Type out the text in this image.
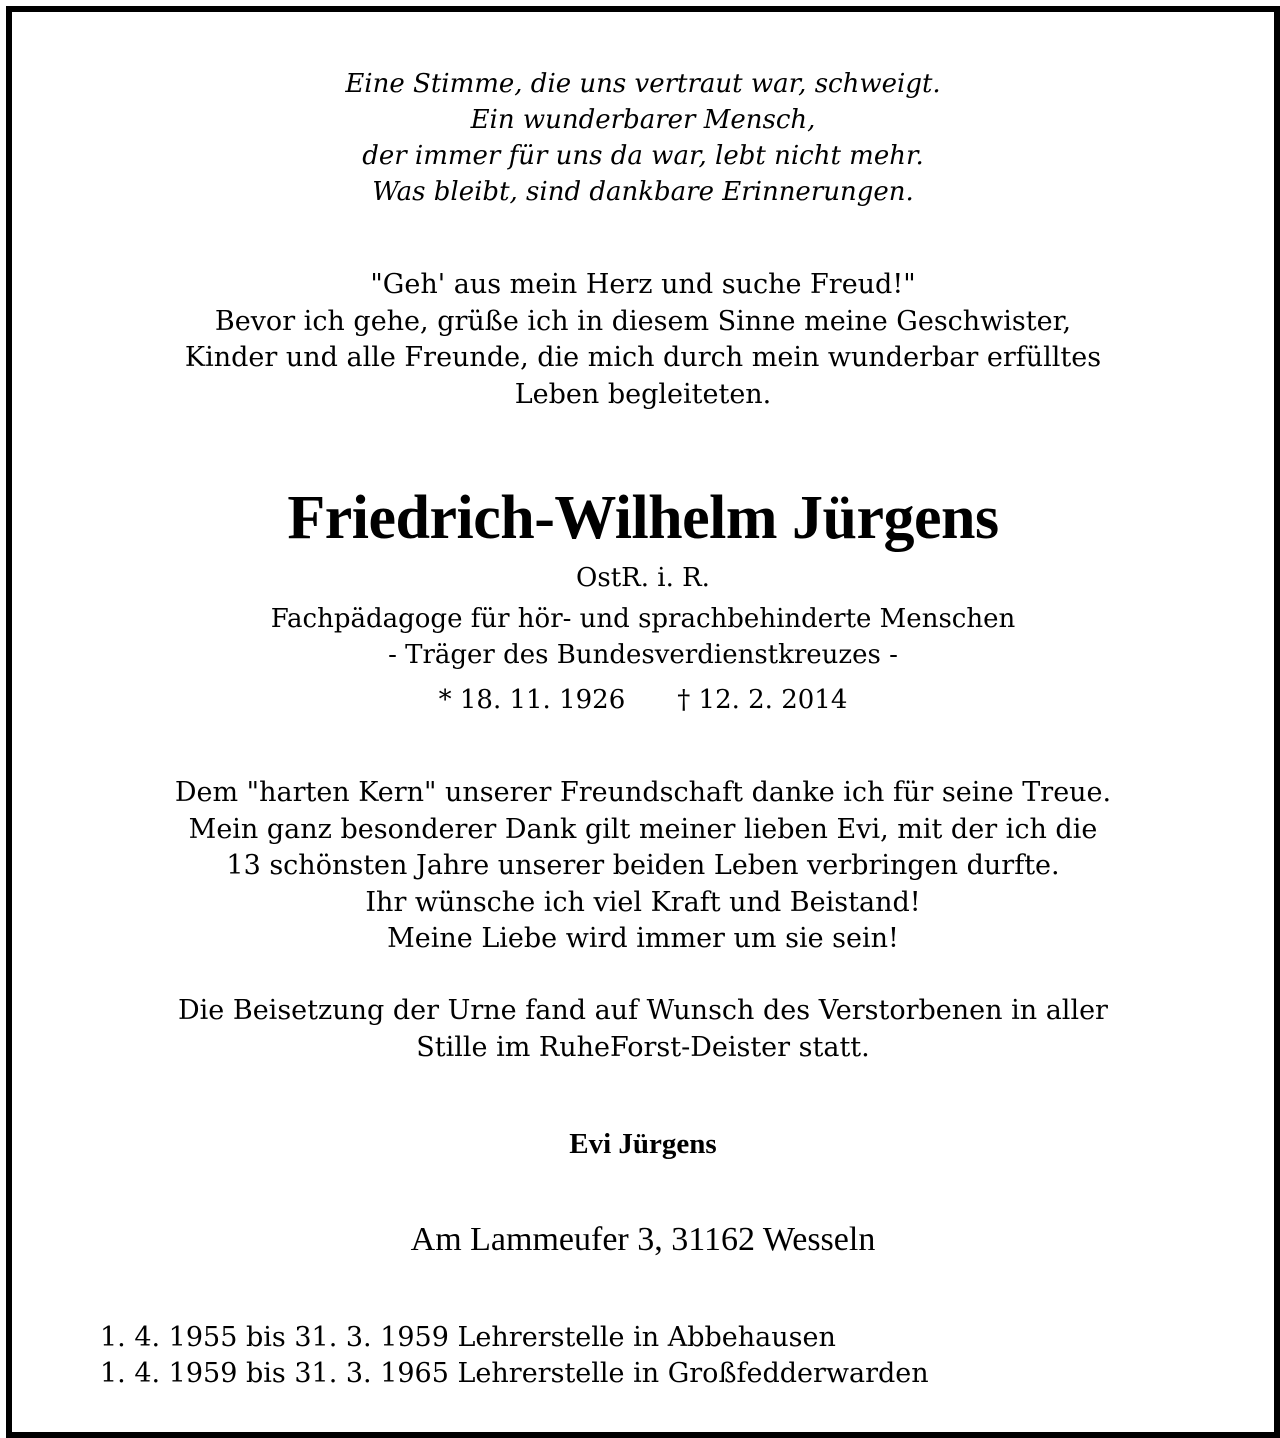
Eine Stimme, die uns vertraut war, schweigt.
Ein wunderbarer Mensch,
der immer für uns da war, lebt nicht mehr.
Was bleibt, sind dankbare Erinnerungen.
"Geh' aus mein Herz und suche Freud!"
Bevor ich gehe, grüße ich in diesem Sinne meine Geschwister,
Kinder und alle Freunde, die mich durch mein wunderbar erfülltes
Leben begleiteten.
Friedrich-Wilhelm Jürgens
OstR. i. R.
Fachpädagoge für hör- und sprachbehinderte Menschen
- Träger des Bundesverdienstkreuzes -
* 18. 11. 1926 † 12. 2. 2014
Dem "harten Kern" unserer Freundschaft danke ich für seine Treue.
Mein ganz besonderer Dank gilt meiner lieben Evi, mit der ich die
13 schönsten Jahre unserer beiden Leben verbringen durfte.
Ihr wünsche ich viel Kraft und Beistand!
Meine Liebe wird immer um sie sein!
Die Beisetzung der Urne fand auf Wunsch des Verstorbenen in aller
Stille im RuheForst-Deister statt.
Evi Jürgens
Am Lammeufer 3, 31162 Wesseln
1. 4. 1955 bis 31. 3. 1959 Lehrerstelle in Abbehausen
1. 4. 1959 bis 31. 3. 1965 Lehrerstelle in Großfedderwarden
